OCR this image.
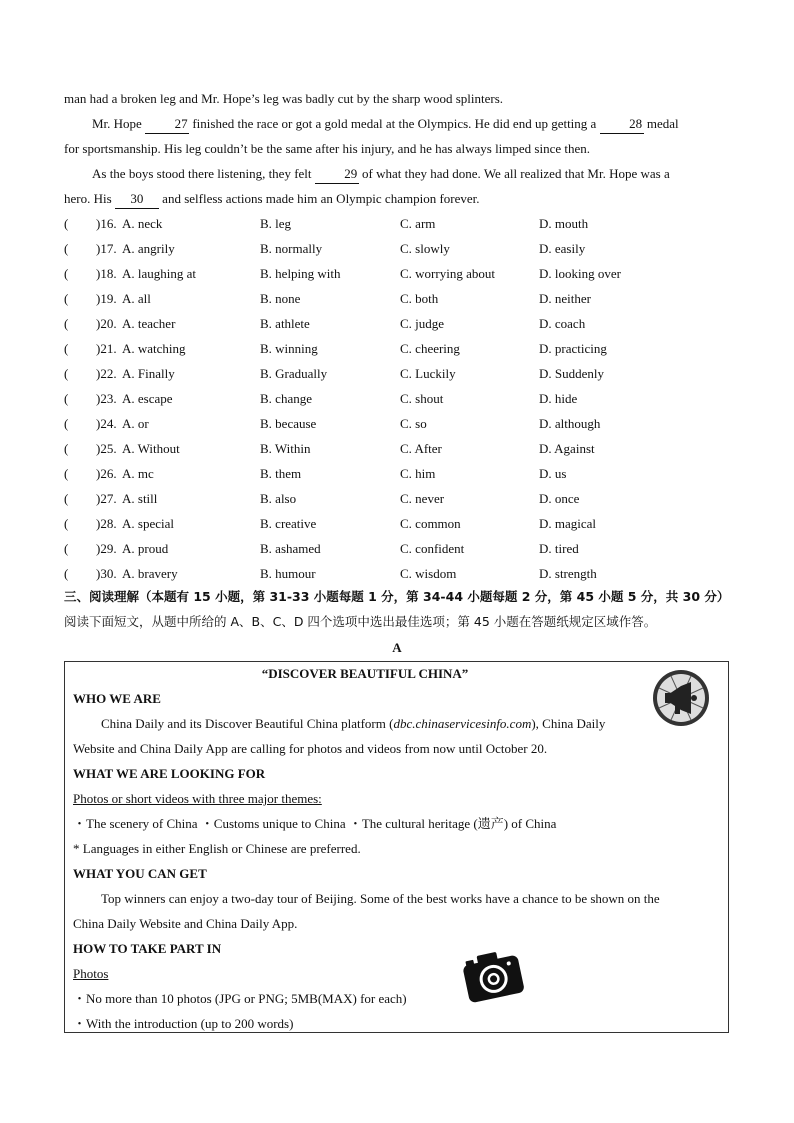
man had a broken leg and Mr. Hope’s leg was badly cut by the sharp wood splinters.
Mr. Hope	27 finished the race or got a gold medal at the Olympics. He did end up getting a	28 medal
for sportsmanship. His leg couldn’t be the same after his injury, and he has always limped since then.
As the boys stood there listening, they felt	29 of what they had done. We all realized that Mr. Hope was a
hero. His 30 and selfless actions made him an Olympic champion forever.
( )16. A. neck	B. leg	C. arm	D. mouth
( )17. A. angrily	B. normally	C. slowly	D. easily
( )18. A. laughing at	B. helping with	C. worrying about	D. looking over
( )19. A. all	B. none	C. both	D. neither
( )20. A. teacher	B. athlete	C. judge	D. coach
( )21. A. watching	B. winning	C. cheering	D. practicing
( )22. A. Finally	B. Gradually	C. Luckily	D. Suddenly
( )23. A. escape	B. change	C. shout	D. hide
( )24. A. or	B. because	C. so	D. although
( )25. A. Without	B. Within	C. After	D. Against
( )26. A. mc	B. them	C. him	D. us
( )27. A. still	B. also	C. never	D. once
( )28. A. special	B. creative	C. common	D. magical
( )29. A. proud	B. ashamed	C. confident	D. tired
( )30. A. bravery	B. humour	C. wisdom	D. strength
三、阅读理解（本题有 15 小题，第 31-33 小题每题 1 分，第 34-44 小题每题 2 分，第 45 小题 5 分，共 30 分）
阅读下面短文，从题中所给的 A、B、C、D 四个选项中选出最佳选项；第 45 小题在答题纸规定区域作答。
A
“DISCOVER BEAUTIFUL CHINA”
WHO WE ARE
China Daily and its Discover Beautiful China platform (dbc.chinaservicesinfo.com), China Daily
Website and China Daily App are calling for photos and videos from now until October 20.
WHAT WE ARE LOOKING FOR
Photos or short videos with three major themes:
・The scenery of China ・Customs unique to China ・The cultural heritage (遗产) of China
* Languages in either English or Chinese are preferred.
WHAT YOU CAN GET
Top winners can enjoy a two-day tour of Beijing. Some of the best works have a chance to be shown on the
China Daily Website and China Daily App.
HOW TO TAKE PART IN
Photos
・No more than 10 photos (JPG or PNG; 5MB(MAX) for each)
・With the introduction (up to 200 words)
